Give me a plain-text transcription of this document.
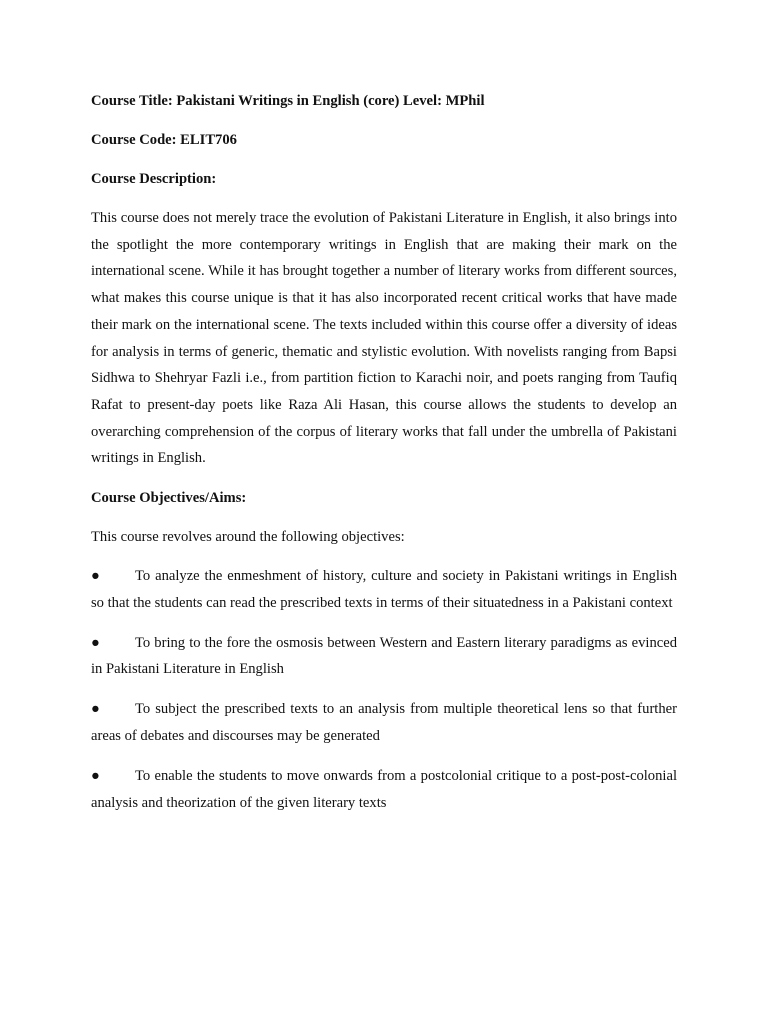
Course Title: Pakistani Writings in English (core) Level: MPhil
Course Code: ELIT706
Course Description:
This course does not merely trace the evolution of Pakistani Literature in English, it also brings into the spotlight the more contemporary writings in English that are making their mark on the international scene. While it has brought together a number of literary works from different sources, what makes this course unique is that it has also incorporated recent critical works that have made their mark on the international scene. The texts included within this course offer a diversity of ideas for analysis in terms of generic, thematic and stylistic evolution. With novelists ranging from Bapsi Sidhwa to Shehryar Fazli i.e., from partition fiction to Karachi noir, and poets ranging from Taufiq Rafat to present-day poets like Raza Ali Hasan, this course allows the students to develop an overarching comprehension of the corpus of literary works that fall under the umbrella of Pakistani writings in English.
Course Objectives/Aims:
This course revolves around the following objectives:
● To analyze the enmeshment of history, culture and society in Pakistani writings in English so that the students can read the prescribed texts in terms of their situatedness in a Pakistani context
● To bring to the fore the osmosis between Western and Eastern literary paradigms as evinced in Pakistani Literature in English
● To subject the prescribed texts to an analysis from multiple theoretical lens so that further areas of debates and discourses may be generated
● To enable the students to move onwards from a postcolonial critique to a post-post-colonial analysis and theorization of the given literary texts
